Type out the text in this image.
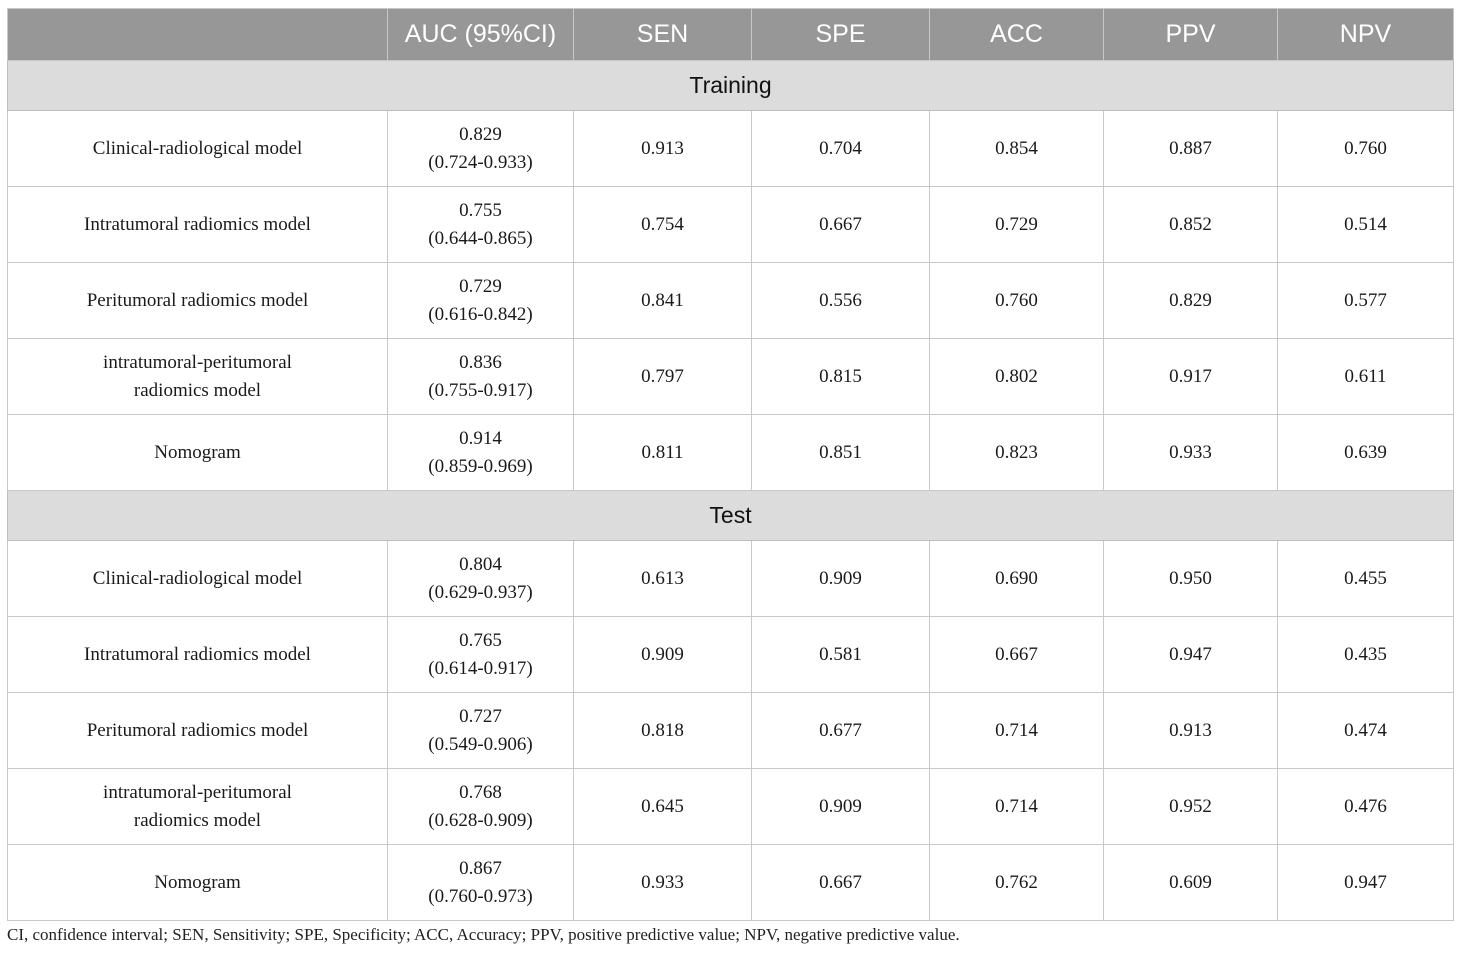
	AUC (95%CI)	SEN	SPE	ACC	PPV	NPV
Training						

Clinical-radiological model	0.829
(0.724-0.933)	0.913	0.704	0.854	0.887	0.760

Intratumoral radiomics model	0.755
(0.644-0.865)	0.754	0.667	0.729	0.852	0.514

Peritumoral radiomics model	0.729
(0.616-0.842)	0.841	0.556	0.760	0.829	0.577

intratumoral-peritumoral
radiomics model	0.836
(0.755-0.917)	0.797	0.815	0.802	0.917	0.611

Nomogram	0.914
(0.859-0.969)	0.811	0.851	0.823	0.933	0.639
Test						

Clinical-radiological model	0.804
(0.629-0.937)	0.613	0.909	0.690	0.950	0.455

Intratumoral radiomics model	0.765
(0.614-0.917)	0.909	0.581	0.667	0.947	0.435

Peritumoral radiomics model	0.727
(0.549-0.906)	0.818	0.677	0.714	0.913	0.474

intratumoral-peritumoral
radiomics model	0.768
(0.628-0.909)	0.645	0.909	0.714	0.952	0.476

Nomogram	0.867
(0.760-0.973)	0.933	0.667	0.762	0.609	0.947
CI, confidence interval; SEN, Sensitivity; SPE, Specificity; ACC, Accuracy; PPV, positive predictive value; NPV, negative predictive value.
